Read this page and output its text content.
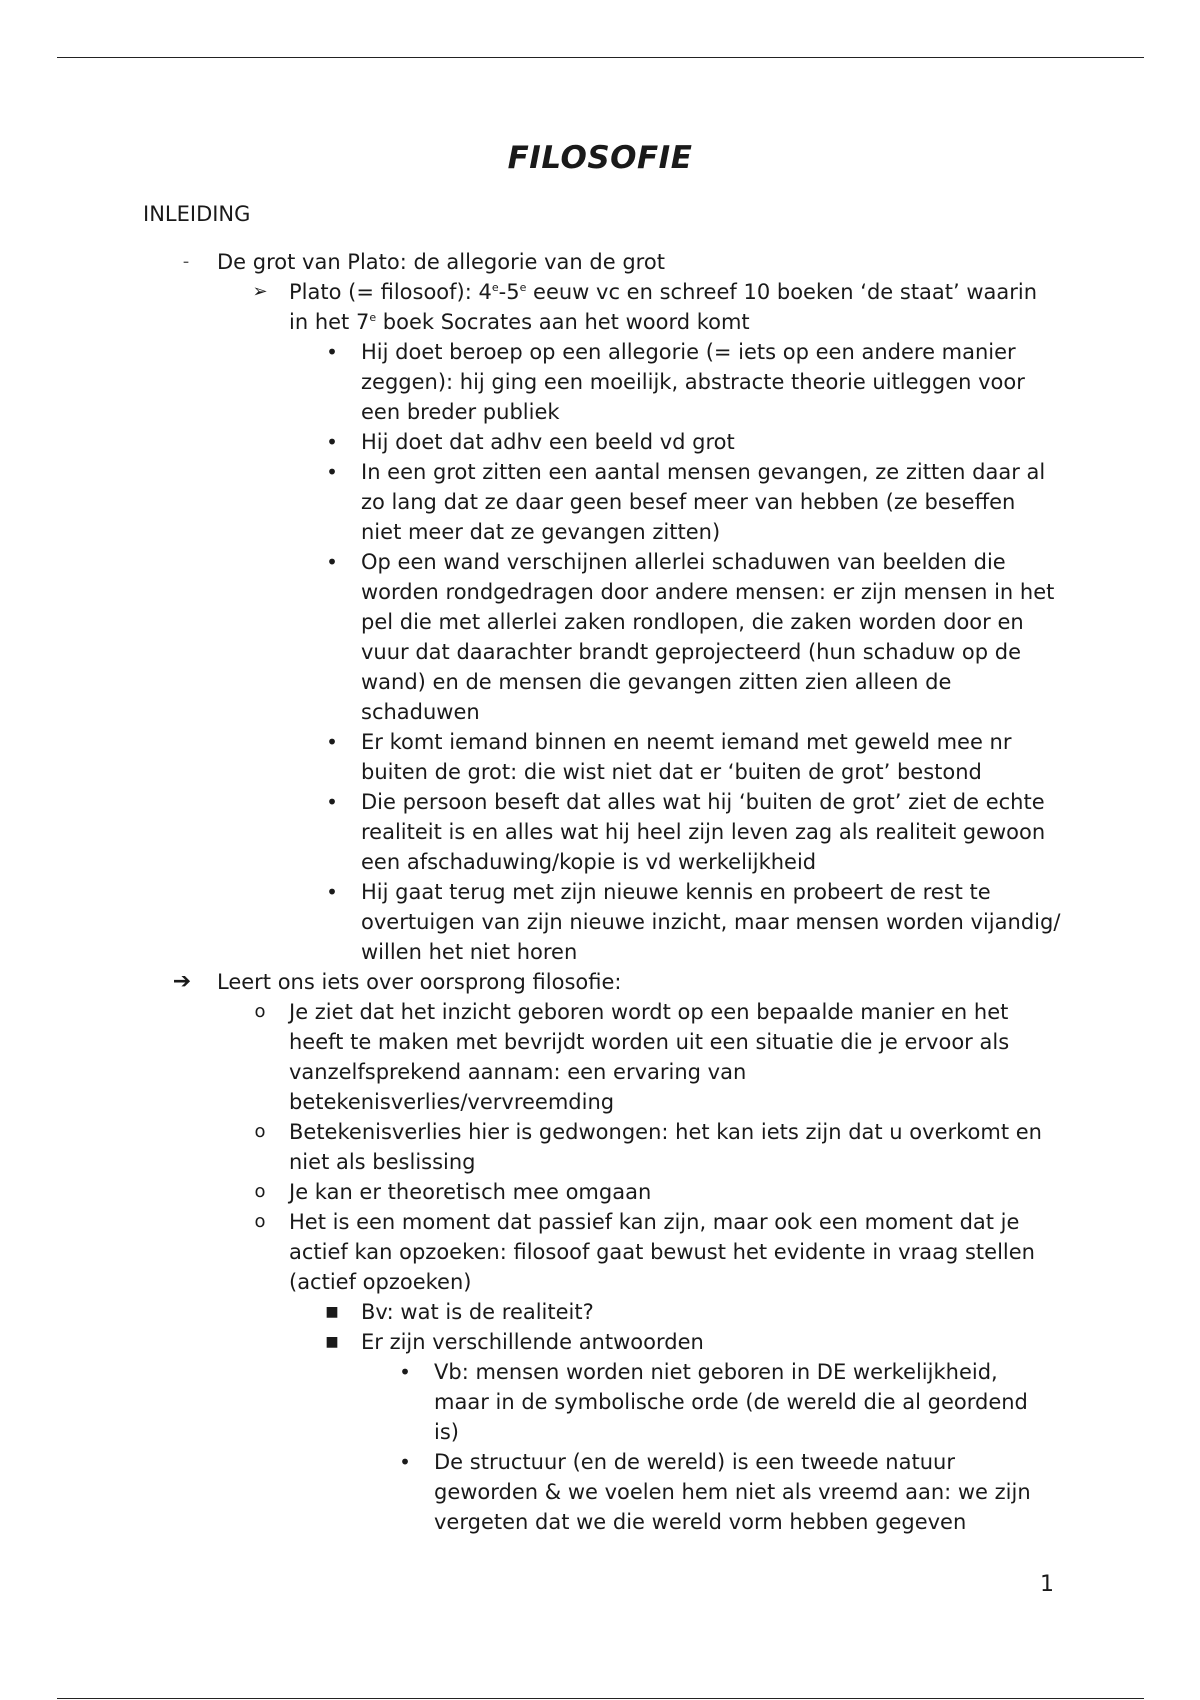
FILOSOFIE
INLEIDING
-	De grot van Plato: de allegorie van de grot
➢	Plato (= filosoof): 4e-5e eeuw vc en schreef 10 boeken ‘de staat’ waarin in het 7e boek Socrates aan het woord komt
•	Hij doet beroep op een allegorie (= iets op een andere manier zeggen): hij ging een moeilijk, abstracte theorie uitleggen voor een breder publiek
•	Hij doet dat adhv een beeld vd grot
•	In een grot zitten een aantal mensen gevangen, ze zitten daar al zo lang dat ze daar geen besef meer van hebben (ze beseffen niet meer dat ze gevangen zitten)
•	Op een wand verschijnen allerlei schaduwen van beelden die worden rondgedragen door andere mensen: er zijn mensen in het pel die met allerlei zaken rondlopen, die zaken worden door en vuur dat daarachter brandt geprojecteerd (hun schaduw op de wand) en de mensen die gevangen zitten zien alleen de schaduwen
•	Er komt iemand binnen en neemt iemand met geweld mee nr buiten de grot: die wist niet dat er ‘buiten de grot’ bestond
•	Die persoon beseft dat alles wat hij ‘buiten de grot’ ziet de echte realiteit is en alles wat hij heel zijn leven zag als realiteit gewoon een afschaduwing/kopie is vd werkelijkheid
•	Hij gaat terug met zijn nieuwe kennis en probeert de rest te overtuigen van zijn nieuwe inzicht, maar mensen worden vijandig/ willen het niet horen
➔ Leert ons iets over oorsprong filosofie:
o	Je ziet dat het inzicht geboren wordt op een bepaalde manier en het heeft te maken met bevrijdt worden uit een situatie die je ervoor als vanzelfsprekend aannam: een ervaring van betekenisverlies/vervreemding
o	Betekenisverlies hier is gedwongen: het kan iets zijn dat u overkomt en niet als beslissing
o	Je kan er theoretisch mee omgaan
o	Het is een moment dat passief kan zijn, maar ook een moment dat je actief kan opzoeken: filosoof gaat bewust het evidente in vraag stellen (actief opzoeken)
■	Bv: wat is de realiteit?
■	Er zijn verschillende antwoorden
•	Vb: mensen worden niet geboren in DE werkelijkheid, maar in de symbolische orde (de wereld die al geordend is)
•	De structuur (en de wereld) is een tweede natuur geworden & we voelen hem niet als vreemd aan: we zijn vergeten dat we die wereld vorm hebben gegeven
1
